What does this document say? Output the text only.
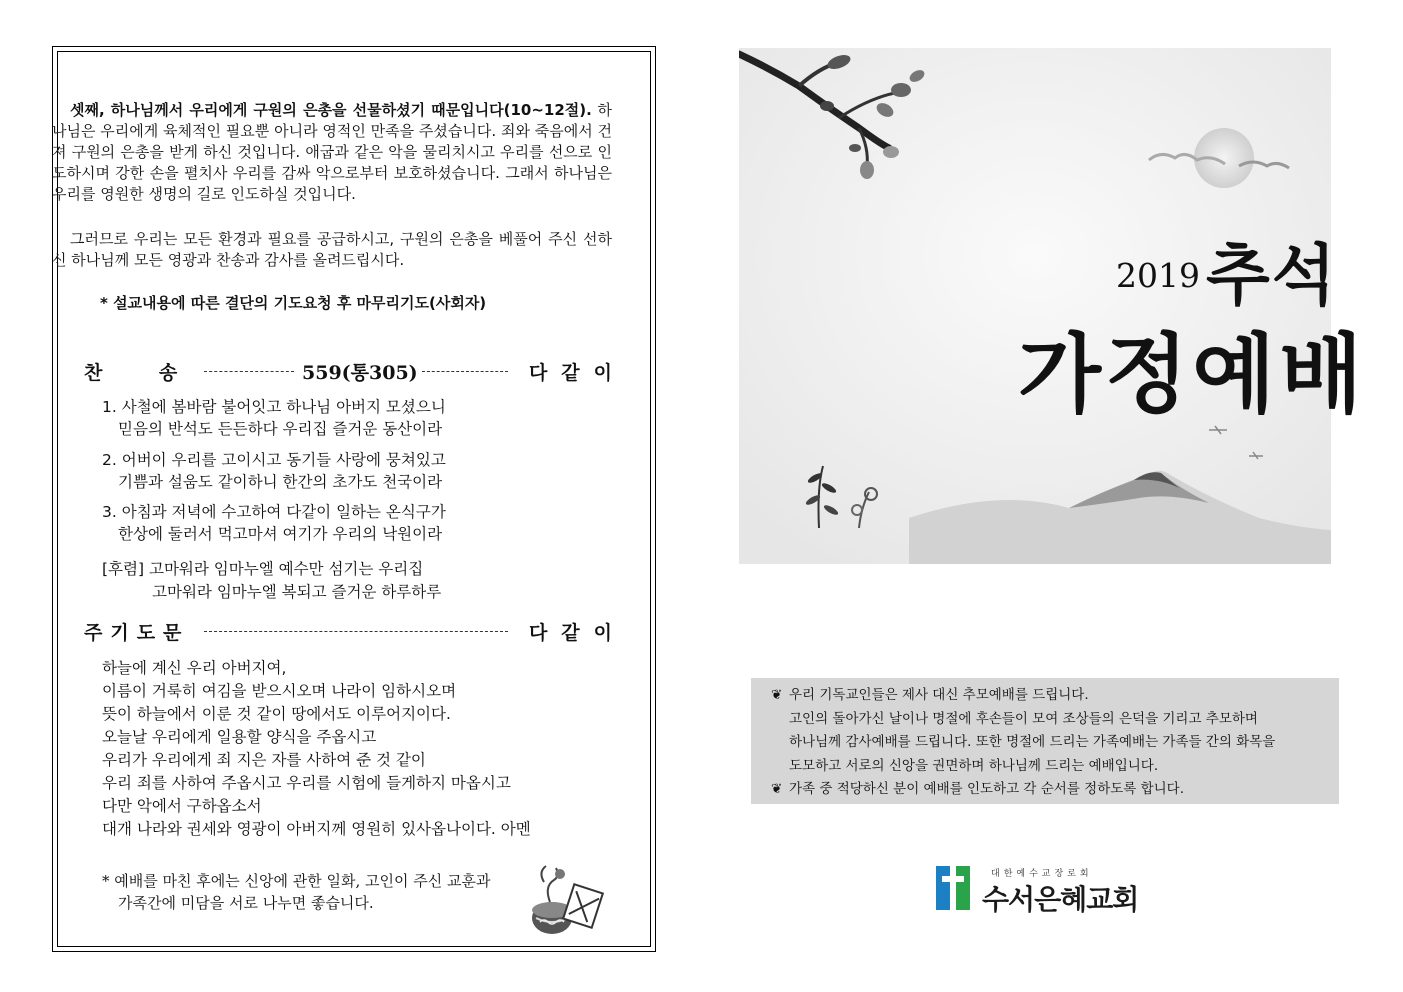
셋째, 하나님께서 우리에게 구원의 은총을 선물하셨기 때문입니다(10~12절). 하나님은 우리에게 육체적인 필요뿐 아니라 영적인 만족을 주셨습니다. 죄와 죽음에서 건져 구원의 은총을 받게 하신 것입니다. 애굽과 같은 악을 물리치시고 우리를 선으로 인도하시며 강한 손을 펼치사 우리를 감싸 악으로부터 보호하셨습니다. 그래서 하나님은 우리를 영원한 생명의 길로 인도하실 것입니다.

그러므로 우리는 모든 환경과 필요를 공급하시고, 구원의 은총을 베풀어 주신 선하신 하나님께 모든 영광과 찬송과 감사를 올려드립시다.

* 설교내용에 따른 결단의 기도요청 후 마무리기도(사회자)
찬    송	559(통305)	다같이
1. 사철에 봄바람 불어잇고 하나님 아버지 모셨으니
믿음의 반석도 든든하다 우리집 즐거운 동산이라
2. 어버이 우리를 고이시고 동기들 사랑에 뭉쳐있고
기쁨과 설움도 같이하니 한간의 초가도 천국이라
3. 아침과 저녁에 수고하여 다같이 일하는 온식구가
한상에 둘러서 먹고마셔 여기가 우리의 낙원이라
[후렴] 고마워라 임마누엘 예수만 섬기는 우리집
고마워라 임마누엘 복되고 즐거운 하루하루
주기도문	다같이
하늘에 계신 우리 아버지여,
이름이 거룩히 여김을 받으시오며 나라이 임하시오며
뜻이 하늘에서 이룬 것 같이 땅에서도 이루어지이다.
오늘날 우리에게 일용할 양식을 주옵시고
우리가 우리에게 죄 지은 자를 사하여 준 것 같이
우리 죄를 사하여 주옵시고 우리를 시험에 들게하지 마옵시고
다만 악에서 구하옵소서
대개 나라와 권세와 영광이 아버지께 영원히 있사옵나이다. 아멘
* 예배를 마친 후에는 신앙에 관한 일화, 고인이 주신 교훈과
가족간에 미담을 서로 나누면 좋습니다.
2019 추석
가정예배
❦ 우리 기독교인들은 제사 대신 추모예배를 드립니다.
고인의 돌아가신 날이나 명절에 후손들이 모여 조상들의 은덕을 기리고 추모하며
하나님께 감사예배를 드립니다. 또한 명절에 드리는 가족예배는 가족들 간의 화목을
도모하고 서로의 신앙을 권면하며 하나님께 드리는 예배입니다.
❦ 가족 중 적당하신 분이 예배를 인도하고 각 순서를 정하도록 합니다.
대한예수교장로회
수서은혜교회
